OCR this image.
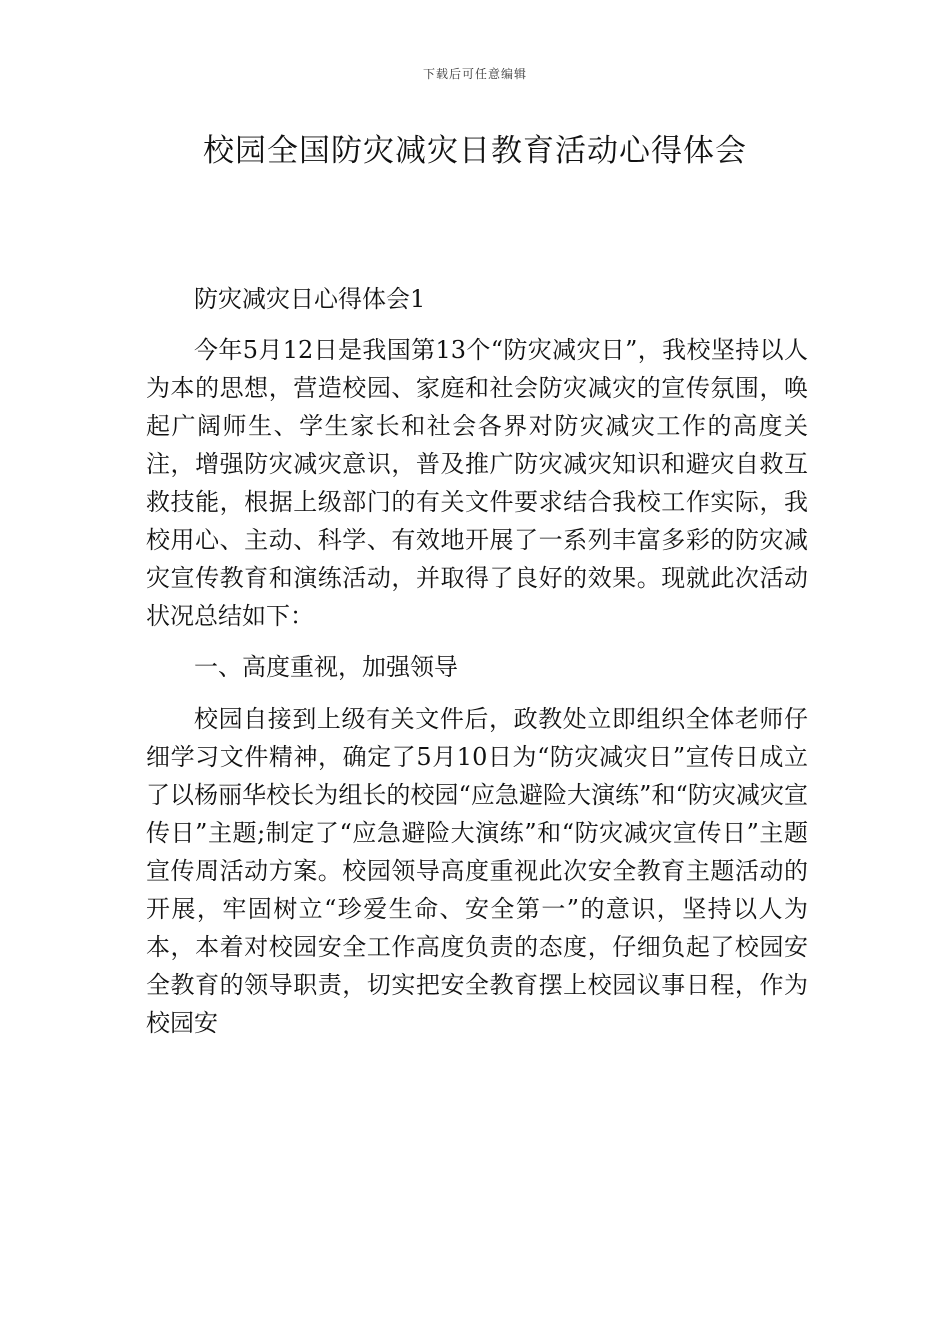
下载后可任意编辑
校园全国防灾减灾日教育活动心得体会

防灾减灾日心得体会1

今年5月12日是我国第13个“防灾减灾日”，我校坚持以人为本的思想，营造校园、家庭和社会防灾减灾的宣传氛围，唤起广阔师生、学生家长和社会各界对防灾减灾工作的高度关注，增强防灾减灾意识，普及推广防灾减灾知识和避灾自救互救技能，根据上级部门的有关文件要求结合我校工作实际，我校用心、主动、科学、有效地开展了一系列丰富多彩的防灾减灾宣传教育和演练活动，并取得了良好的效果。现就此次活动状况总结如下：

一、高度重视，加强领导

校园自接到上级有关文件后，政教处立即组织全体老师仔细学习文件精神，确定了5月10日为“防灾减灾日”宣传日成立了以杨丽华校长为组长的校园“应急避险大演练”和“防灾减灾宣传日”主题;制定了“应急避险大演练”和“防灾减灾宣传日”主题宣传周活动方案。校园领导高度重视此次安全教育主题活动的开展，牢固树立“珍爱生命、安全第一”的意识，坚持以人为本，本着对校园安全工作高度负责的态度，仔细负起了校园安全教育的领导职责，切实把安全教育摆上校园议事日程，作为校园安
